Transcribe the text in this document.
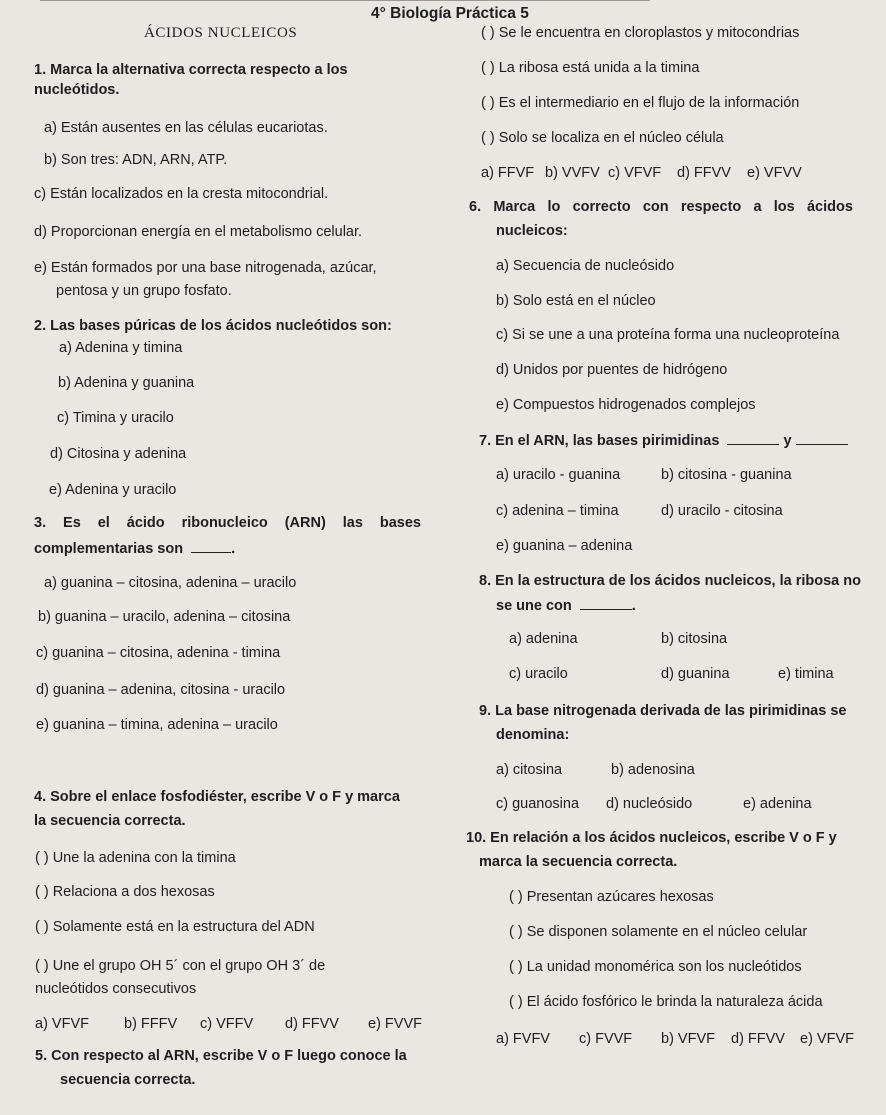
4° Biología Práctica 5
ÁCIDOS NUCLEICOS
1. Marca la alternativa correcta respecto a los
nucleótidos.
a) Están ausentes en las células eucariotas.
b) Son tres: ADN, ARN, ATP.
c) Están localizados en la cresta mitocondrial.
d) Proporcionan energía en el metabolismo celular.
e) Están formados por una base nitrogenada, azúcar,
pentosa y un grupo fosfato.
2. Las bases púricas de los ácidos nucleótidos son:
a) Adenina y timina
b) Adenina y guanina
c) Timina y uracilo
d) Citosina y adenina
e) Adenina y uracilo
3. Es el ácido ribonucleico (ARN) las bases
complementarias son	.
a) guanina – citosina, adenina – uracilo
b) guanina – uracilo, adenina – citosina
c) guanina – citosina, adenina - timina
d) guanina – adenina, citosina - uracilo
e) guanina – timina, adenina – uracilo
4. Sobre el enlace fosfodiéster, escribe V o F y marca
la secuencia correcta.
( ) Une la adenina con la timina
( ) Relaciona a dos hexosas
( ) Solamente está en la estructura del ADN
( ) Une el grupo OH 5´ con el grupo OH 3´ de
nucleótidos consecutivos
a) VFVF b) FFFV c) VFFV d) FFVV e) FVVF
5. Con respecto al ARN, escribe V o F luego conoce la
secuencia correcta.
( ) Se le encuentra en cloroplastos y mitocondrias
( ) La ribosa está unida a la timina
( ) Es el intermediario en el flujo de la información
( ) Solo se localiza en el núcleo célula
a) FFVF b) VVFV c) VFVF d) FFVV e) VFVV
6. Marca lo correcto con respecto a los ácidos
nucleicos:
a) Secuencia de nucleósido
b) Solo está en el núcleo
c) Si se une a una proteína forma una nucleoproteína
d) Unidos por puentes de hidrógeno
e) Compuestos hidrogenados complejos
7. En el ARN, las bases pirimidinas	y
a) uracilo - guanina	b) citosina - guanina
c) adenina – timina	d) uracilo - citosina
e) guanina – adenina
8. En la estructura de los ácidos nucleicos, la ribosa no
se une con	.
a) adenina	b) citosina
c) uracilo	d) guanina	e) timina
9. La base nitrogenada derivada de las pirimidinas se
denomina:
a) citosina	b) adenosina
c) guanosina d) nucleósido	e) adenina
10. En relación a los ácidos nucleicos, escribe V o F y
marca la secuencia correcta.
( ) Presentan azúcares hexosas
( ) Se disponen solamente en el núcleo celular
( ) La unidad monomérica son los nucleótidos
( ) El ácido fosfórico le brinda la naturaleza ácida
a) FVFV c) FVVF b) VFVF d) FFVV e) VFVF
